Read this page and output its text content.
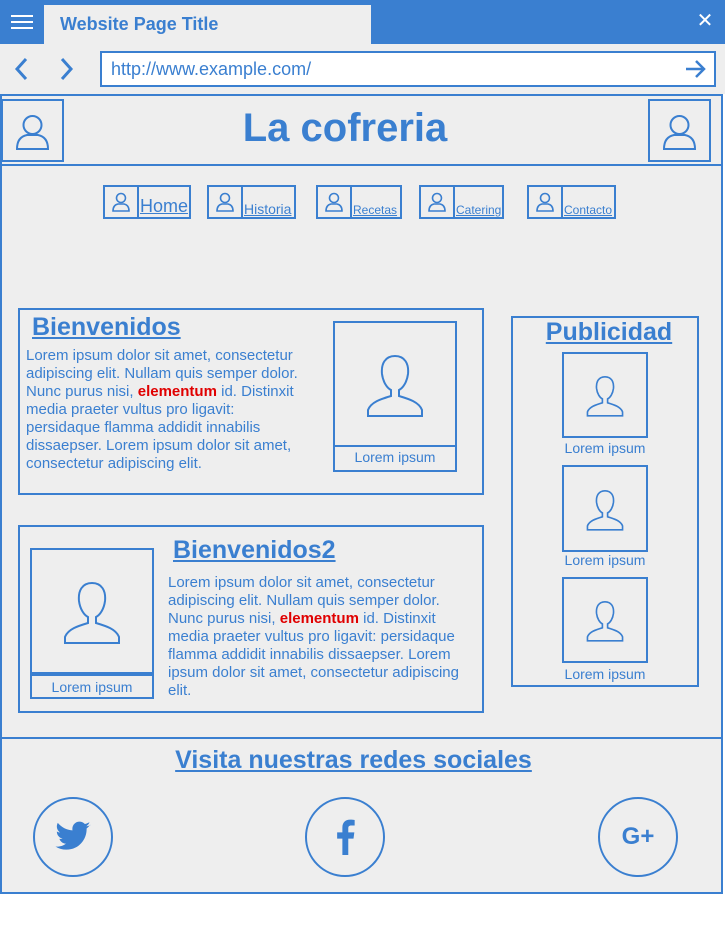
Website Page Title	✕
http://www.example.com/
La cofreria
Home	Historia	Recetas	Catering	Contacto
Bienvenidos
Lorem ipsum dolor sit amet, consectetur adipiscing elit. Nullam quis semper dolor. Nunc purus nisi, elementum id. Distinxit media praeter vultus pro ligavit: persidaque flamma addidit innabilis dissaepser. Lorem ipsum dolor sit amet, consectetur adipiscing elit.	Lorem ipsum
Lorem ipsum
Bienvenidos2
Lorem ipsum dolor sit amet, consectetur adipiscing elit. Nullam quis semper dolor. Nunc purus nisi, elementum id. Distinxit media praeter vultus pro ligavit: persidaque flamma addidit innabilis dissaepser. Lorem ipsum dolor sit amet, consectetur adipiscing elit.
Publicidad
Lorem ipsum
Lorem ipsum
Lorem ipsum
Visita nuestras redes sociales
G+
